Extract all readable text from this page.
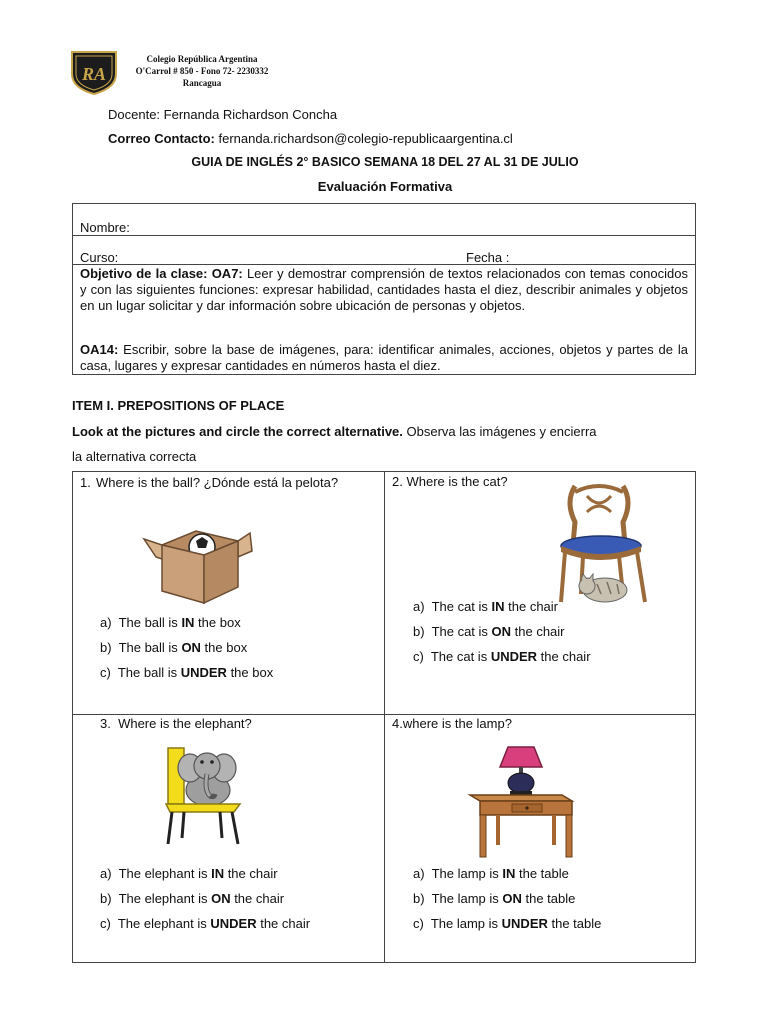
RA
Colegio República Argentina
O'Carrol # 850 - Fono 72- 2230332
Rancagua
Docente: Fernanda Richardson Concha
Correo Contacto: fernanda.richardson@colegio-republicaargentina.cl
GUIA DE INGLÉS 2° BASICO SEMANA 18 DEL 27 AL 31 DE JULIO
Evaluación Formativa
Nombre:
Curso:	Fecha :
Objetivo de la clase: OA7: Leer y demostrar comprensión de textos relacionados con temas conocidos y con las siguientes funciones: expresar habilidad, cantidades hasta el diez, describir animales y objetos en un lugar solicitar y dar información sobre ubicación de personas y objetos.
OA14: Escribir, sobre la base de imágenes, para: identificar animales, acciones, objetos y partes de la casa, lugares y expresar cantidades en números hasta el diez.
ITEM I. PREPOSITIONS OF PLACE
Look at the pictures and circle the correct alternative. Observa las imágenes y encierra
la alternativa correcta
1. Where is the ball? ¿Dónde está la pelota?
a) The ball is IN the box
b) The ball is ON the box
c) The ball is UNDER the box
2. Where is the cat?
a) The cat is IN the chair
b) The cat is ON the chair
c) The cat is UNDER the chair
3. Where is the elephant?
a) The elephant is IN the chair
b) The elephant is ON the chair
c) The elephant is UNDER the chair
4.where is the lamp?
a) The lamp is IN the table
b) The lamp is ON the table
c) The lamp is UNDER the table
